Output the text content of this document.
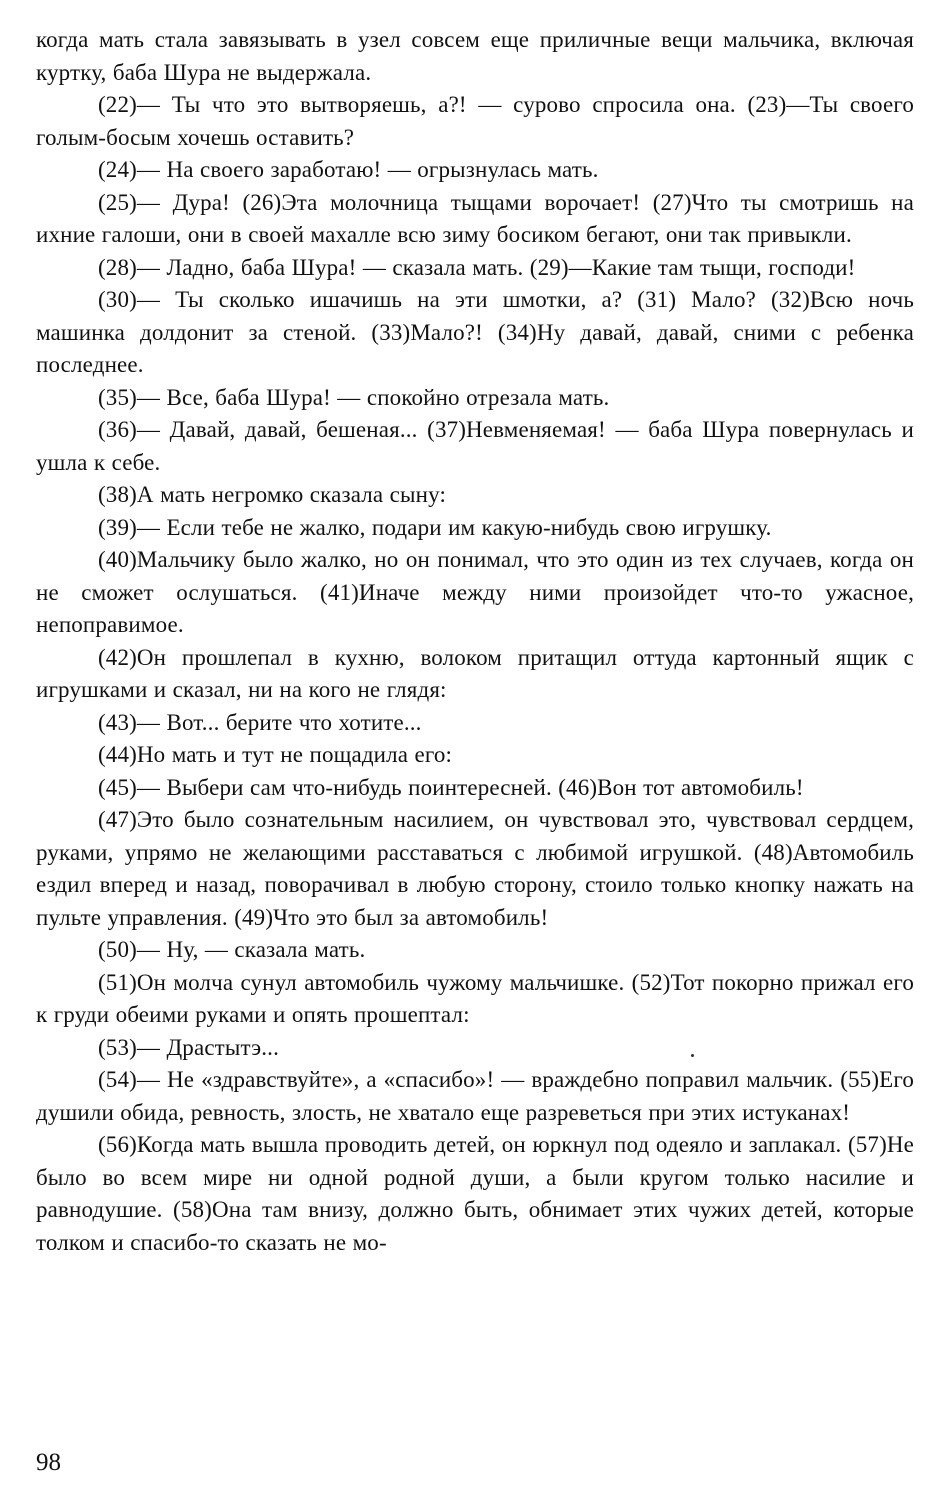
когда мать стала завязывать в узел совсем еще приличные вещи мальчика, включая куртку, баба Шура не выдержала.

(22)— Ты что это вытворяешь, а?! — сурово спросила она. (23)—Ты своего голым-босым хочешь оставить?

(24)— На своего заработаю! — огрызнулась мать.

(25)— Дура! (26)Эта молочница тыщами ворочает! (27)Что ты смотришь на ихние галоши, они в своей махалле всю зиму босиком бегают, они так привыкли.

(28)— Ладно, баба Шура! — сказала мать. (29)—Какие там тыщи, господи!

(30)— Ты сколько ишачишь на эти шмотки, а? (31) Мало? (32)Всю ночь машинка долдонит за стеной. (33)Мало?! (34)Ну давай, давай, сними с ребенка последнее.

(35)— Все, баба Шура! — спокойно отрезала мать.

(36)— Давай, давай, бешеная... (37)Невменяемая! — баба Шура повернулась и ушла к себе.

(38)А мать негромко сказала сыну:

(39)— Если тебе не жалко, подари им какую-нибудь свою игрушку.

(40)Мальчику было жалко, но он понимал, что это один из тех случаев, когда он не сможет ослушаться. (41)Иначе между ними произойдет что-то ужасное, непоправимое.

(42)Он прошлепал в кухню, волоком притащил оттуда картонный ящик с игрушками и сказал, ни на кого не глядя:

(43)— Вот... берите что хотите...

(44)Но мать и тут не пощадила его:

(45)— Выбери сам что-нибудь поинтересней. (46)Вон тот автомобиль!

(47)Это было сознательным насилием, он чувствовал это, чувствовал сердцем, руками, упрямо не желающими расставаться с любимой игрушкой. (48)Автомобиль ездил вперед и назад, поворачивал в любую сторону, стоило только кнопку нажать на пульте управления. (49)Что это был за автомобиль!

(50)— Ну, — сказала мать.

(51)Он молча сунул автомобиль чужому мальчишке. (52)Тот покорно прижал его к груди обеими руками и опять прошептал:

(53)— Драстытэ...

(54)— Не «здравствуйте», а «спасибо»! — враждебно поправил мальчик. (55)Его душили обида, ревность, злость, не хватало еще разреветься при этих истуканах!

(56)Когда мать вышла проводить детей, он юркнул под одеяло и заплакал. (57)Не было во всем мире ни одной родной души, а были кругом только насилие и равнодушие. (58)Она там внизу, должно быть, обнимает этих чужих детей, которые толком и спасибо-то сказать не мо-

98
